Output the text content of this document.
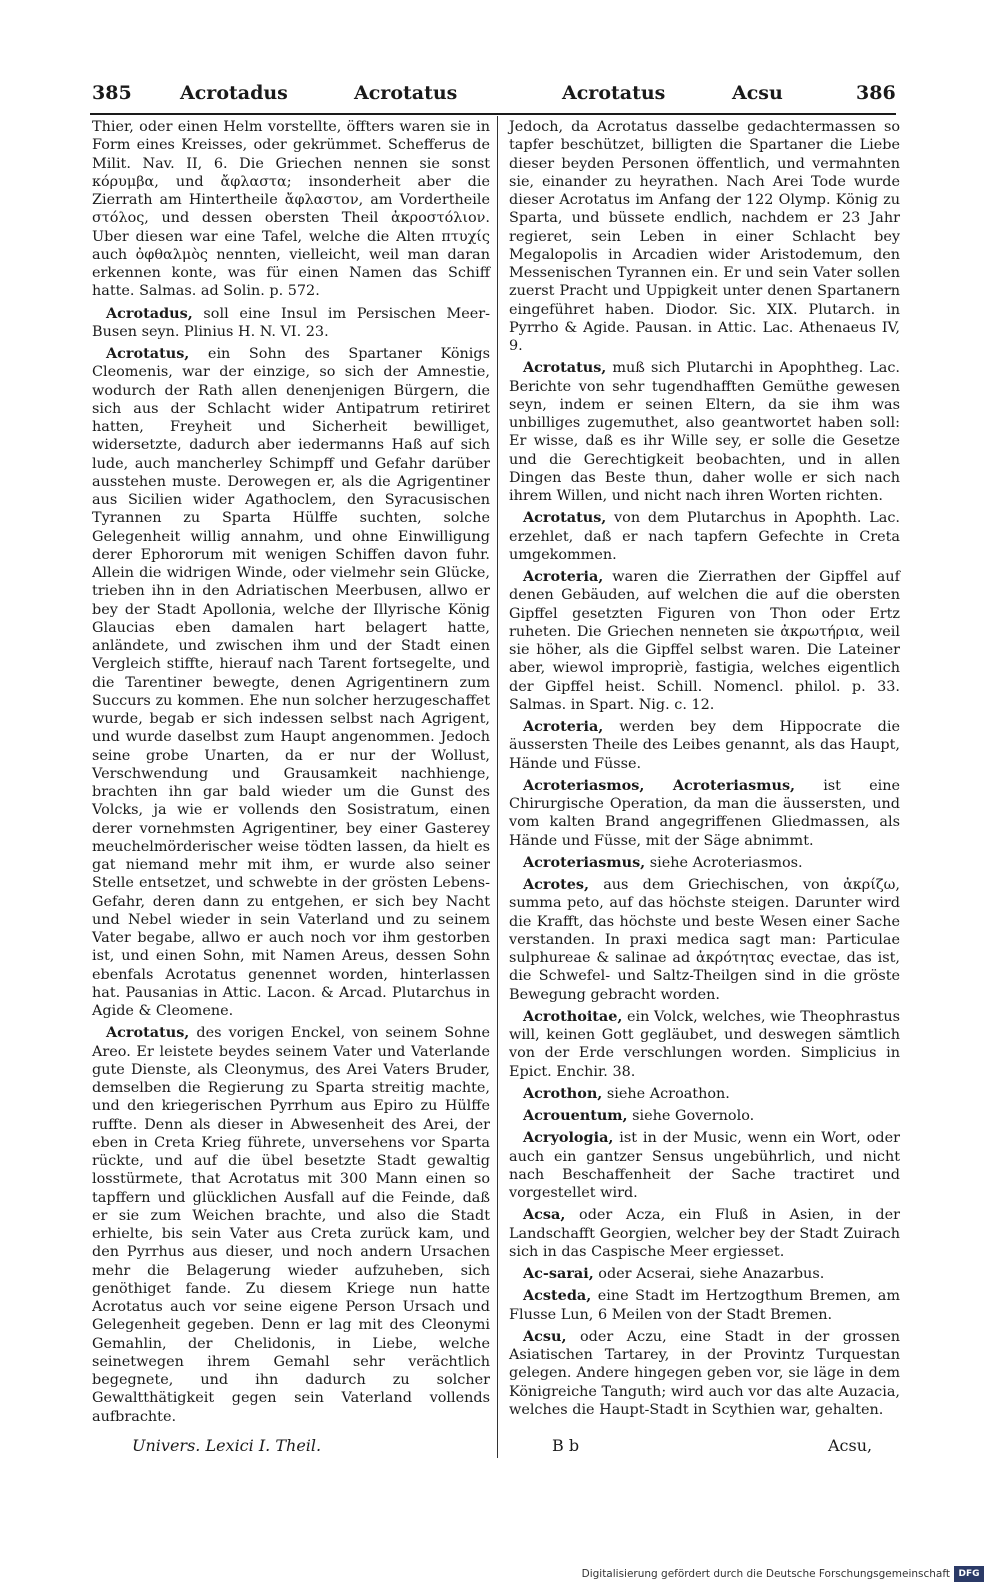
385	Acrotadus	Acrotatus	Acrotatus	Acsu	386

Thier, oder einen Helm vorstellte, öffters waren sie in Form eines Kreisses, oder gekrümmet. Schefferus de Milit. Nav. II, 6. Die Griechen nennen sie sonst κόρυμβα, und ἄφλαστα; insonderheit aber die Zierrath am Hintertheile ἄφλαστον, am Vordertheile στόλος, und dessen obersten Theil ἀκροστόλιον. Uber diesen war eine Tafel, welche die Alten πτυχίς auch ὀφθαλμὸς nennten, vielleicht, weil man daran erkennen konte, was für einen Namen das Schiff hatte. Salmas. ad Solin. p. 572.

Acrotadus, soll eine Insul im Persischen Meer-Busen seyn. Plinius H. N. VI. 23.

Acrotatus, ein Sohn des Spartaner Königs Cleomenis, war der einzige, so sich der Amnestie, wodurch der Rath allen denenjenigen Bürgern, die sich aus der Schlacht wider Antipatrum retiriret hatten, Freyheit und Sicherheit bewilliget, widersetzte, dadurch aber iedermanns Haß auf sich lude, auch mancherley Schimpff und Gefahr darüber ausstehen muste. Derowegen er, als die Agrigentiner aus Sicilien wider Agathoclem, den Syracusischen Tyrannen zu Sparta Hülffe suchten, solche Gelegenheit willig annahm, und ohne Einwilligung derer Ephororum mit wenigen Schiffen davon fuhr. Allein die widrigen Winde, oder vielmehr sein Glücke, trieben ihn in den Adriatischen Meerbusen, allwo er bey der Stadt Apollonia, welche der Illyrische König Glaucias eben damalen hart belagert hatte, anländete, und zwischen ihm und der Stadt einen Vergleich stiffte, hierauf nach Tarent fortsegelte, und die Tarentiner bewegte, denen Agrigentinern zum Succurs zu kommen. Ehe nun solcher herzugeschaffet wurde, begab er sich indessen selbst nach Agrigent, und wurde daselbst zum Haupt angenommen. Jedoch seine grobe Unarten, da er nur der Wollust, Verschwendung und Grausamkeit nachhienge, brachten ihn gar bald wieder um die Gunst des Volcks, ja wie er vollends den Sosistratum, einen derer vornehmsten Agrigentiner, bey einer Gasterey meuchelmörderischer weise tödten lassen, da hielt es gat niemand mehr mit ihm, er wurde also seiner Stelle entsetzet, und schwebte in der grösten Lebens-Gefahr, deren dann zu entgehen, er sich bey Nacht und Nebel wieder in sein Vaterland und zu seinem Vater begabe, allwo er auch noch vor ihm gestorben ist, und einen Sohn, mit Namen Areus, dessen Sohn ebenfals Acrotatus genennet worden, hinterlassen hat. Pausanias in Attic. Lacon. & Arcad. Plutarchus in Agide & Cleomene.

Acrotatus, des vorigen Enckel, von seinem Sohne Areo. Er leistete beydes seinem Vater und Vaterlande gute Dienste, als Cleonymus, des Arei Vaters Bruder, demselben die Regierung zu Sparta streitig machte, und den kriegerischen Pyrrhum aus Epiro zu Hülffe ruffte. Denn als dieser in Abwesenheit des Arei, der eben in Creta Krieg führete, unversehens vor Sparta rückte, und auf die übel besetzte Stadt gewaltig losstürmete, that Acrotatus mit 300 Mann einen so tapffern und glücklichen Ausfall auf die Feinde, daß er sie zum Weichen brachte, und also die Stadt erhielte, bis sein Vater aus Creta zurück kam, und den Pyrrhus aus dieser, und noch andern Ursachen mehr die Belagerung wieder aufzuheben, sich genöthiget fande. Zu diesem Kriege nun hatte Acrotatus auch vor seine eigene Person Ursach und Gelegenheit gegeben. Denn er lag mit des Cleonymi Gemahlin, der Chelidonis, in Liebe, welche seinetwegen ihrem Gemahl sehr verächtlich begegnete, und ihn dadurch zu solcher Gewaltthätigkeit gegen sein Vaterland vollends aufbrachte.

Jedoch, da Acrotatus dasselbe gedachtermassen so tapfer beschützet, billigten die Spartaner die Liebe dieser beyden Personen öffentlich, und vermahnten sie, einander zu heyrathen. Nach Arei Tode wurde dieser Acrotatus im Anfang der 122 Olymp. König zu Sparta, und büssete endlich, nachdem er 23 Jahr regieret, sein Leben in einer Schlacht bey Megalopolis in Arcadien wider Aristodemum, den Messenischen Tyrannen ein. Er und sein Vater sollen zuerst Pracht und Uppigkeit unter denen Spartanern eingeführet haben. Diodor. Sic. XIX. Plutarch. in Pyrrho & Agide. Pausan. in Attic. Lac. Athenaeus IV, 9.

Acrotatus, muß sich Plutarchi in Apophtheg. Lac. Berichte von sehr tugendhafften Gemüthe gewesen seyn, indem er seinen Eltern, da sie ihm was unbilliges zugemuthet, also geantwortet haben soll: Er wisse, daß es ihr Wille sey, er solle die Gesetze und die Gerechtigkeit beobachten, und in allen Dingen das Beste thun, daher wolle er sich nach ihrem Willen, und nicht nach ihren Worten richten.

Acrotatus, von dem Plutarchus in Apophth. Lac. erzehlet, daß er nach tapfern Gefechte in Creta umgekommen.

Acroteria, waren die Zierrathen der Gipffel auf denen Gebäuden, auf welchen die auf die obersten Gipffel gesetzten Figuren von Thon oder Ertz ruheten. Die Griechen nenneten sie ἀκρωτήρια, weil sie höher, als die Gipffel selbst waren. Die Lateiner aber, wiewol impropriè, fastigia, welches eigentlich der Gipffel heist. Schill. Nomencl. philol. p. 33. Salmas. in Spart. Nig. c. 12.

Acroteria, werden bey dem Hippocrate die äussersten Theile des Leibes genannt, als das Haupt, Hände und Füsse.

Acroteriasmos, Acroteriasmus, ist eine Chirurgische Operation, da man die äussersten, und vom kalten Brand angegriffenen Gliedmassen, als Hände und Füsse, mit der Säge abnimmt.

Acroteriasmus, siehe Acroteriasmos.

Acrotes, aus dem Griechischen, von ἀκρίζω, summa peto, auf das höchste steigen. Darunter wird die Krafft, das höchste und beste Wesen einer Sache verstanden. In praxi medica sagt man: Particulae sulphureae & salinae ad ἀκρότητας evectae, das ist, die Schwefel- und Saltz-Theilgen sind in die gröste Bewegung gebracht worden.

Acrothoitae, ein Volck, welches, wie Theophrastus will, keinen Gott gegläubet, und deswegen sämtlich von der Erde verschlungen worden. Simplicius in Epict. Enchir. 38.

Acrothon, siehe Acroathon.

Acrouentum, siehe Governolo.

Acryologia, ist in der Music, wenn ein Wort, oder auch ein gantzer Sensus ungebührlich, und nicht nach Beschaffenheit der Sache tractiret und vorgestellet wird.

Acsa, oder Acza, ein Fluß in Asien, in der Landschafft Georgien, welcher bey der Stadt Zuirach sich in das Caspische Meer ergiesset.

Ac-sarai, oder Acserai, siehe Anazarbus.

Acsteda, eine Stadt im Hertzogthum Bremen, am Flusse Lun, 6 Meilen von der Stadt Bremen.

Acsu, oder Aczu, eine Stadt in der grossen Asiatischen Tartarey, in der Provintz Turquestan gelegen. Andere hingegen geben vor, sie läge in dem Königreiche Tanguth; wird auch vor das alte Auzacia, welches die Haupt-Stadt in Scythien war, gehalten.

Univers. Lexici I. Theil.	B b	Acsu,
Digitalisierung gefördert durch die Deutsche Forschungsgemeinschaft DFG
